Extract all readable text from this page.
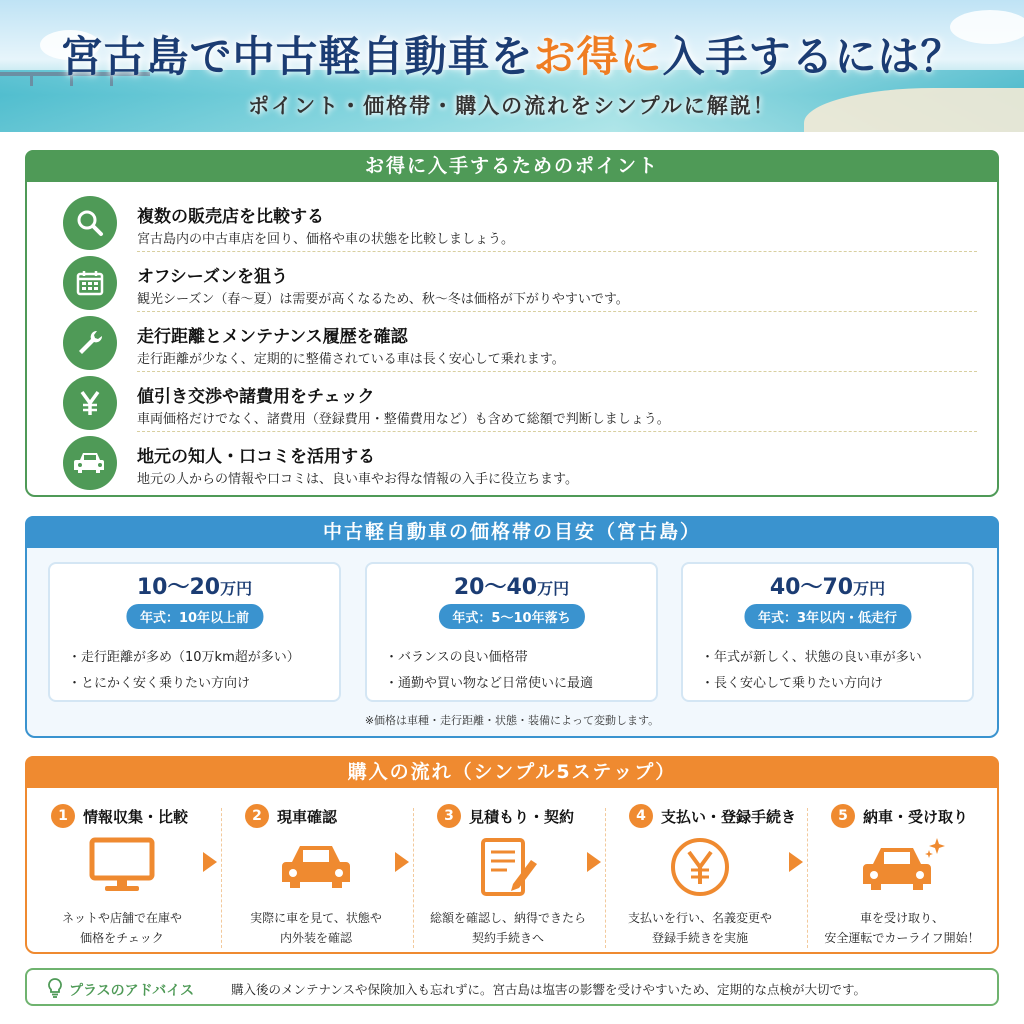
宮古島で中古軽自動車をお得に入手するには？
ポイント・価格帯・購入の流れをシンプルに解説！
お得に入手するためのポイント
複数の販売店を比較する
宮古島内の中古車店を回り、価格や車の状態を比較しましょう。
オフシーズンを狙う
観光シーズン（春〜夏）は需要が高くなるため、秋〜冬は価格が下がりやすいです。
走行距離とメンテナンス履歴を確認
走行距離が少なく、定期的に整備されている車は長く安心して乗れます。
値引き交渉や諸費用をチェック
車両価格だけでなく、諸費用（登録費用・整備費用など）も含めて総額で判断しましょう。
地元の知人・口コミを活用する
地元の人からの情報や口コミは、良い車やお得な情報の入手に役立ちます。
中古軽自動車の価格帯の目安（宮古島）
10〜20万円
年式：10年以上前
・走行距離が多め（10万km超が多い）
・とにかく安く乗りたい方向け
20〜40万円
年式：5〜10年落ち
・バランスの良い価格帯
・通勤や買い物など日常使いに最適
40〜70万円
年式：3年以内・低走行
・年式が新しく、状態の良い車が多い
・長く安心して乗りたい方向け
※価格は車種・走行距離・状態・装備によって変動します。
購入の流れ（シンプル5ステップ）
1	情報収集・比較
ネットや店舗で在庫や
価格をチェック
2	現車確認
実際に車を見て、状態や
内外装を確認
3	見積もり・契約
総額を確認し、納得できたら
契約手続きへ
4	支払い・登録手続き
支払いを行い、名義変更や
登録手続きを実施
5	納車・受け取り
車を受け取り、
安全運転でカーライフ開始！
プラスのアドバイス	購入後のメンテナンスや保険加入も忘れずに。宮古島は塩害の影響を受けやすいため、定期的な点検が大切です。
